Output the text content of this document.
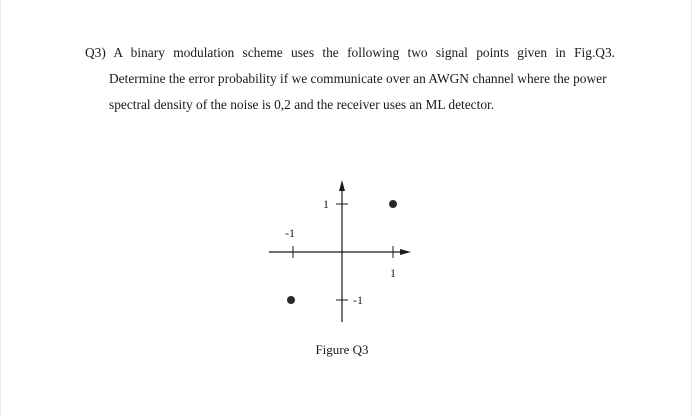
Q3) A binary modulation scheme uses the following two signal points given in Fig.Q3.
Determine the error probability if we communicate over an AWGN channel where the power
spectral density of the noise is 0,2 and the receiver uses an ML detector.
1
-1
1
-1
Figure Q3
